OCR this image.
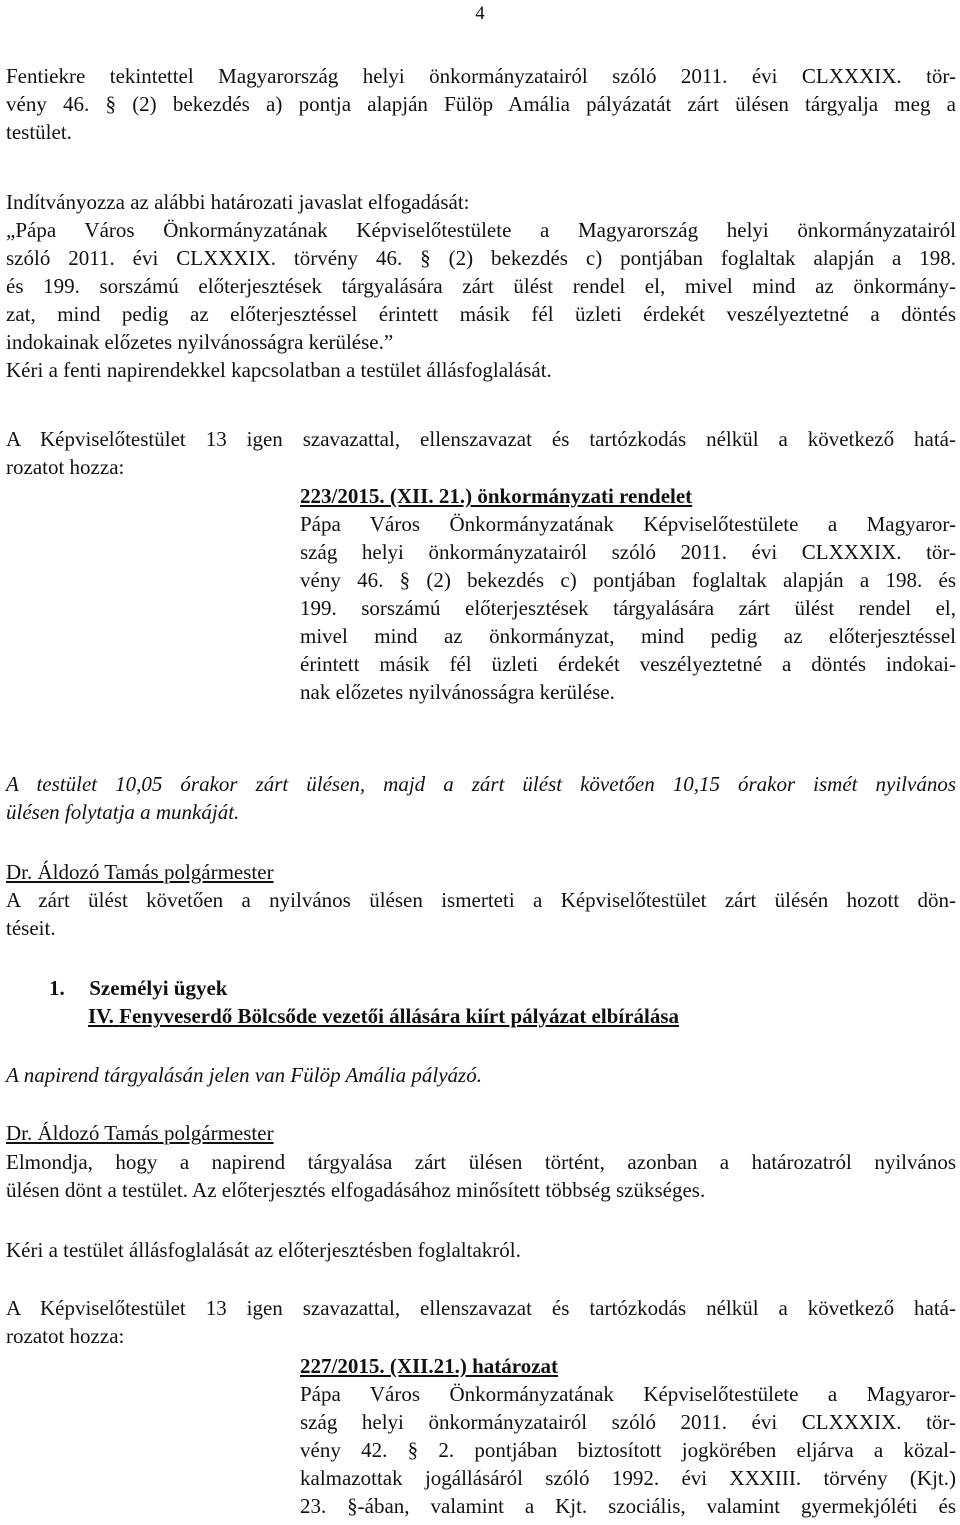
4
Fentiekre tekintettel Magyarország helyi önkormányzatairól szóló 2011. évi CLXXXIX. tör-
vény 46. § (2) bekezdés a) pontja alapján Fülöp Amália pályázatát zárt ülésen tárgyalja meg a
testület.
Indítványozza az alábbi határozati javaslat elfogadását:
„Pápa Város Önkormányzatának Képviselőtestülete a Magyarország helyi önkormányzatairól
szóló 2011. évi CLXXXIX. törvény 46. § (2) bekezdés c) pontjában foglaltak alapján a 198.
és 199. sorszámú előterjesztések tárgyalására zárt ülést rendel el, mivel mind az önkormány-
zat, mind pedig az előterjesztéssel érintett másik fél üzleti érdekét veszélyeztetné a döntés
indokainak előzetes nyilvánosságra kerülése.”
Kéri a fenti napirendekkel kapcsolatban a testület állásfoglalását.
A Képviselőtestület 13 igen szavazattal, ellenszavazat és tartózkodás nélkül a következő hatá-
rozatot hozza:
223/2015. (XII. 21.) önkormányzati rendelet
Pápa Város Önkormányzatának Képviselőtestülete a Magyaror-
szág helyi önkormányzatairól szóló 2011. évi CLXXXIX. tör-
vény 46. § (2) bekezdés c) pontjában foglaltak alapján a 198. és
199. sorszámú előterjesztések tárgyalására zárt ülést rendel el,
mivel mind az önkormányzat, mind pedig az előterjesztéssel
érintett másik fél üzleti érdekét veszélyeztetné a döntés indokai-
nak előzetes nyilvánosságra kerülése.
A testület 10,05 órakor zárt ülésen, majd a zárt ülést követően 10,15 órakor ismét nyilvános
ülésen folytatja a munkáját.
Dr. Áldozó Tamás polgármester
A zárt ülést követően a nyilvános ülésen ismerteti a Képviselőtestület zárt ülésén hozott dön-
téseit.
1. Személyi ügyek
IV. Fenyveserdő Bölcsőde vezetői állására kiírt pályázat elbírálása
A napirend tárgyalásán jelen van Fülöp Amália pályázó.
Dr. Áldozó Tamás polgármester
Elmondja, hogy a napirend tárgyalása zárt ülésen történt, azonban a határozatról nyilvános
ülésen dönt a testület. Az előterjesztés elfogadásához minősített többség szükséges.
Kéri a testület állásfoglalását az előterjesztésben foglaltakról.
A Képviselőtestület 13 igen szavazattal, ellenszavazat és tartózkodás nélkül a következő hatá-
rozatot hozza:
227/2015. (XII.21.) határozat
Pápa Város Önkormányzatának Képviselőtestülete a Magyaror-
szág helyi önkormányzatairól szóló 2011. évi CLXXXIX. tör-
vény 42. § 2. pontjában biztosított jogkörében eljárva a közal-
kalmazottak jogállásáról szóló 1992. évi XXXIII. törvény (Kjt.)
23. §-ában, valamint a Kjt. szociális, valamint gyermekjóléti és
